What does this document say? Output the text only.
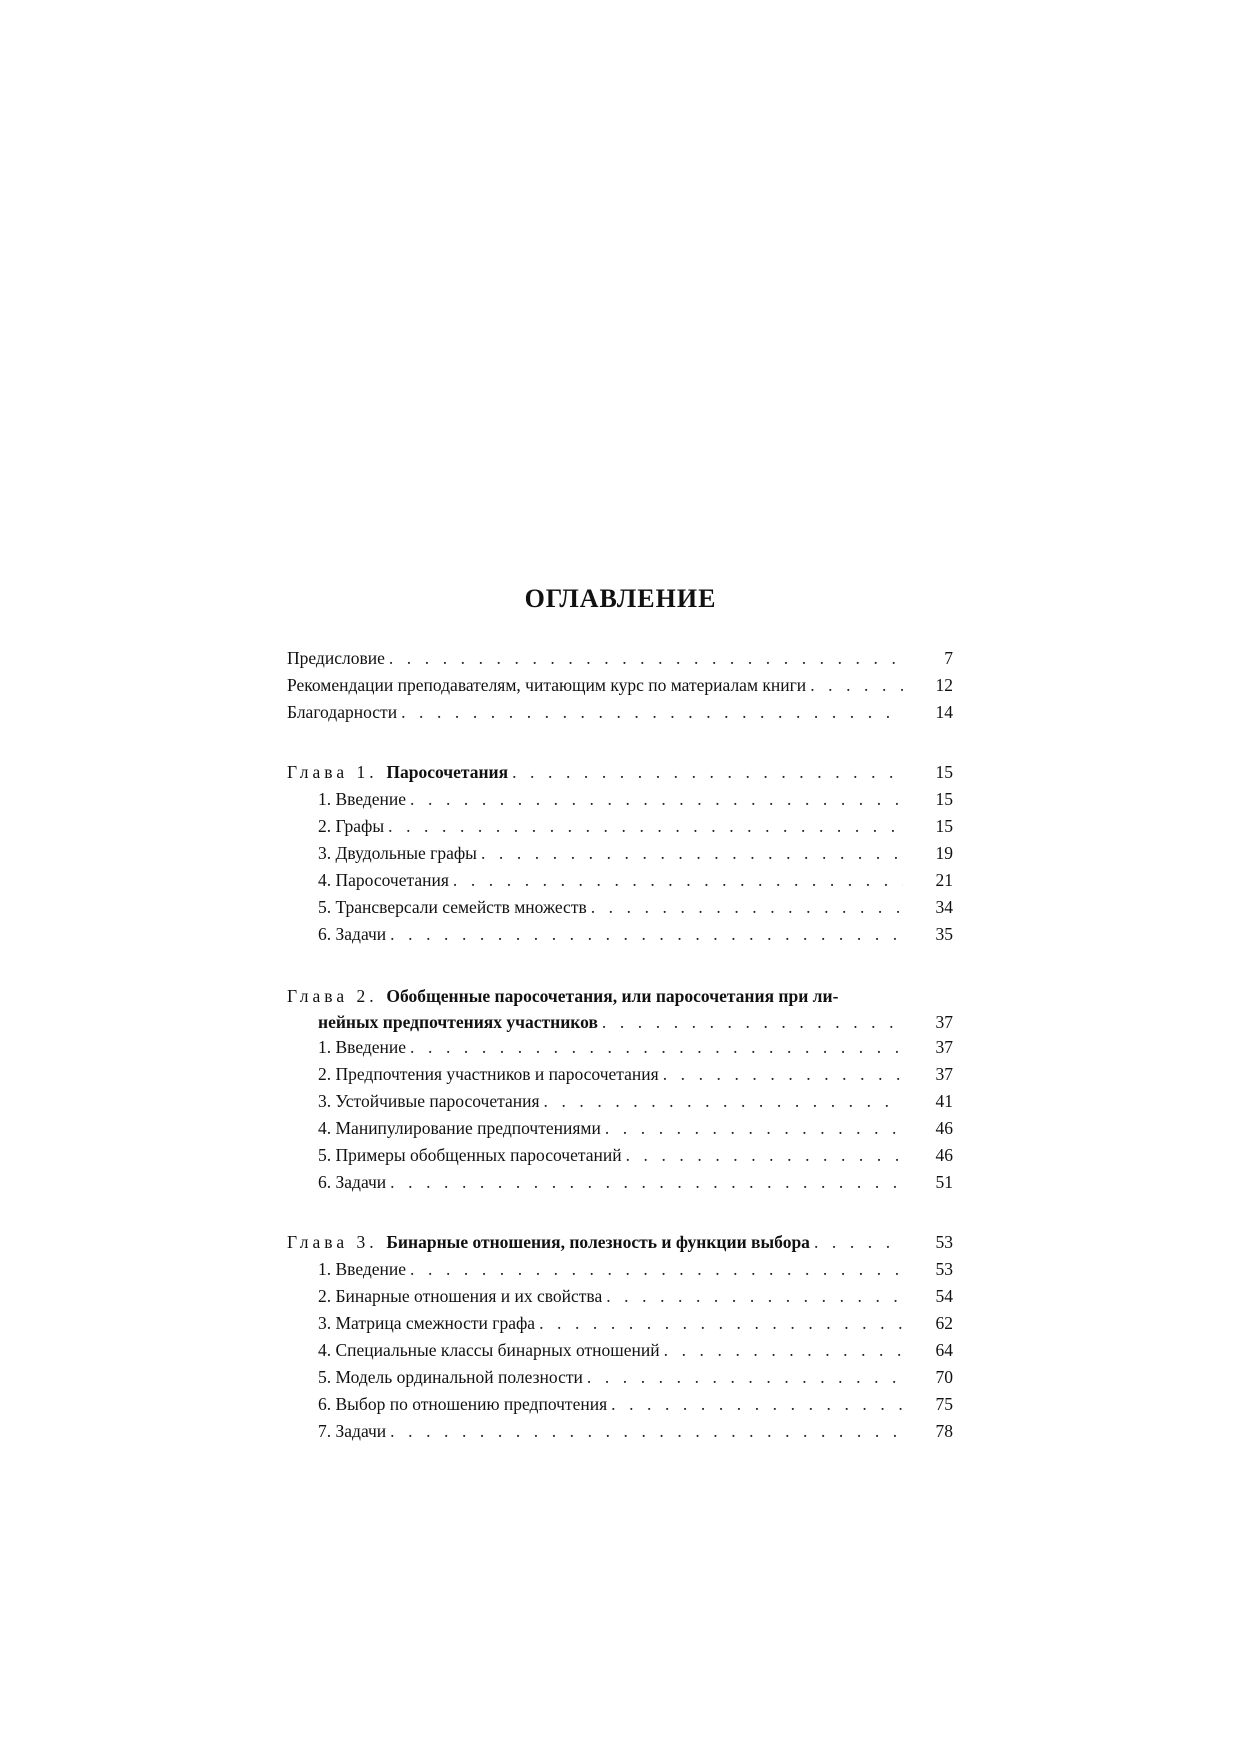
ОГЛАВЛЕНИЕ
Предисловие . . .	7
Рекомендации преподавателям, читающим курс по материалам книги . . .	12
Благодарности . . .	14
Глава 1. Паросочетания . . .	15
1. Введение . . .	15
2. Графы . . .	15
3. Двудольные графы . . .	19
4. Паросочетания . . .	21
5. Трансверсали семейств множеств . . .	34
6. Задачи . . .	35
Глава 2. Обобщенные паросочетания, или паросочетания при ли-
нейных предпочтениях участников . . .	37
1. Введение . . .	37
2. Предпочтения участников и паросочетания . . .	37
3. Устойчивые паросочетания . . .	41
4. Манипулирование предпочтениями . . .	46
5. Примеры обобщенных паросочетаний . . .	46
6. Задачи . . .	51
Глава 3. Бинарные отношения, полезность и функции выбора . . .	53
1. Введение . . .	53
2. Бинарные отношения и их свойства . . .	54
3. Матрица смежности графа . . .	62
4. Специальные классы бинарных отношений . . .	64
5. Модель ординальной полезности . . .	70
6. Выбор по отношению предпочтения . . .	75
7. Задачи . . .	78
